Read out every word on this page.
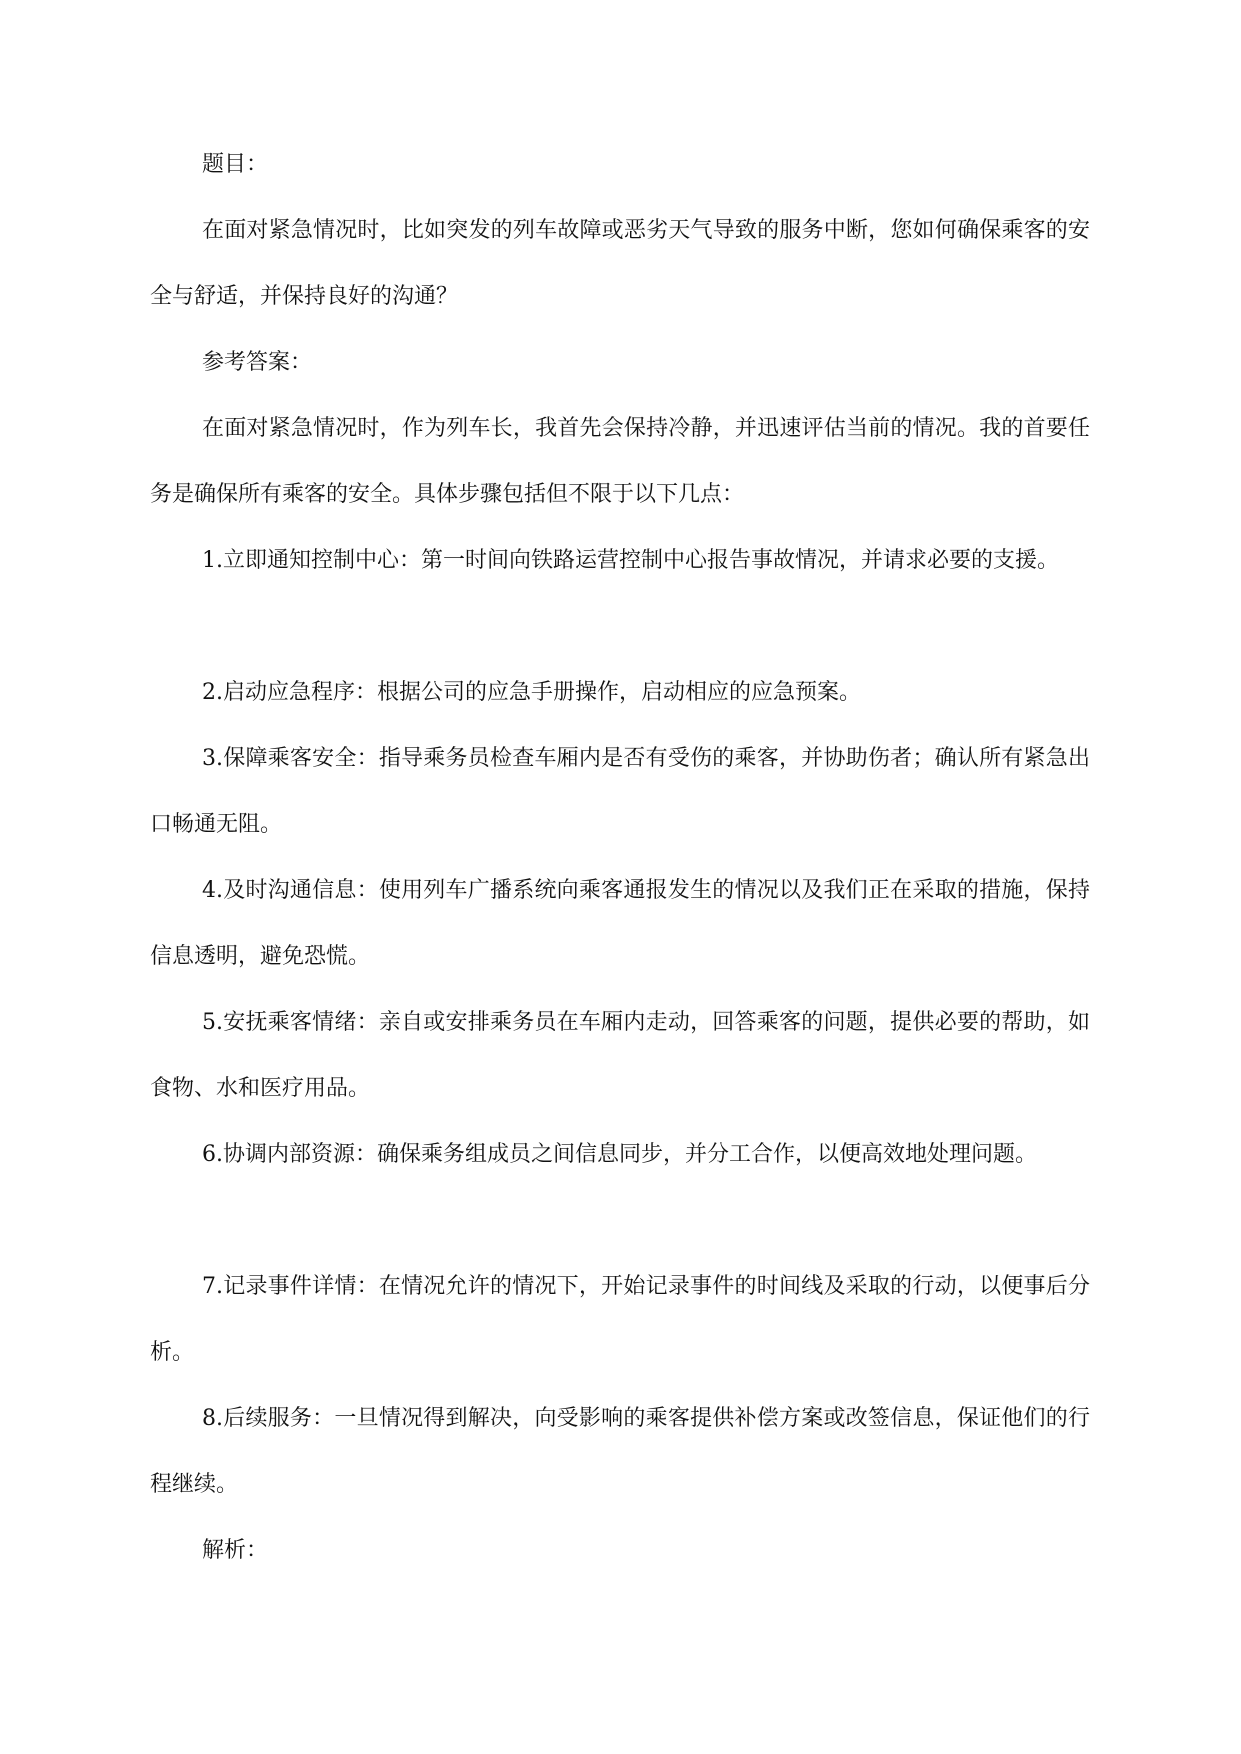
题目：

在面对紧急情况时，比如突发的列车故障或恶劣天气导致的服务中断，您如何确保乘客的安全与舒适，并保持良好的沟通？

参考答案：

在面对紧急情况时，作为列车长，我首先会保持冷静，并迅速评估当前的情况。我的首要任务是确保所有乘客的安全。具体步骤包括但不限于以下几点：

1.立即通知控制中心：第一时间向铁路运营控制中心报告事故情况，并请求必要的支援。

2.启动应急程序：根据公司的应急手册操作，启动相应的应急预案。

3.保障乘客安全：指导乘务员检查车厢内是否有受伤的乘客，并协助伤者；确认所有紧急出口畅通无阻。

4.及时沟通信息：使用列车广播系统向乘客通报发生的情况以及我们正在采取的措施，保持信息透明，避免恐慌。

5.安抚乘客情绪：亲自或安排乘务员在车厢内走动，回答乘客的问题，提供必要的帮助，如食物、水和医疗用品。

6.协调内部资源：确保乘务组成员之间信息同步，并分工合作，以便高效地处理问题。

7.记录事件详情：在情况允许的情况下，开始记录事件的时间线及采取的行动，以便事后分析。

8.后续服务：一旦情况得到解决，向受影响的乘客提供补偿方案或改签信息，保证他们的行程继续。

解析：
